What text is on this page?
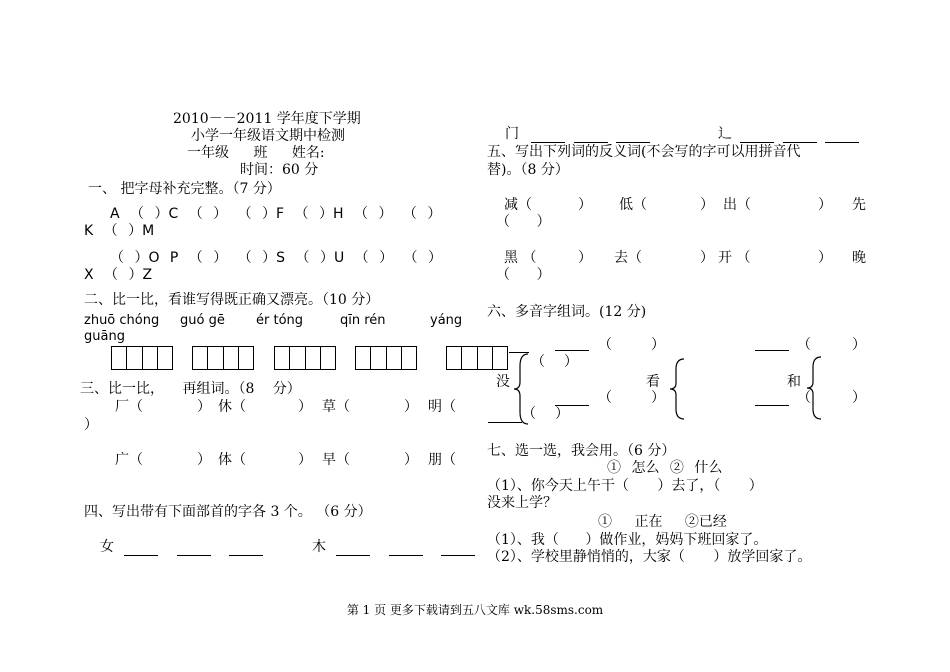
2010－－2011 学年度下学期
小学一年级语文期中检测
一年级 班 姓名:
时间：60 分
一、 把字母补充完整。（7 分）
A （ ）C （ ） （ ）F （ ）H （ ） （ ）
K （ ）M
（ ）O P （ ） （ ）S （ ）U （ ） （ ）
X （ ）Z
二、比一比，看谁写得既正确又漂亮。（10 分）
zhuō chóng guó gē ér tóng	qīn rén	yáng
guāng
三、比一比， 再组词。（8 分）
厂（	） 休（	） 草（	） 明（
）
广（	） 体（	） 早（	） 朋（
四、写出带有下面部首的字各 3 个。 （6 分）
女	木
门	辶
五、写出下列词的反义词(不会写的字可以用拼音代
替)。（8 分）
减（	） 低（	） 出（	） 先
（ ）
黑 （	） 去（	） 开 （	） 晚
（ ）
六、多音字组词。(12 分)
（	）
（ ）
没
（	）
（ ）
看
（	）
和
（	）
七、选一选，我会用。（6 分）
① 怎么 ② 什么
（1）、你今天上午干（ ）去了，（ ）
没来上学？
① 正在 ②已经
（1）、我（ ）做作业，妈妈下班回家了。
（2）、学校里静悄悄的，大家（ ）放学回家了。
第 1 页 更多下载请到五八文库 wk.58sms.com
